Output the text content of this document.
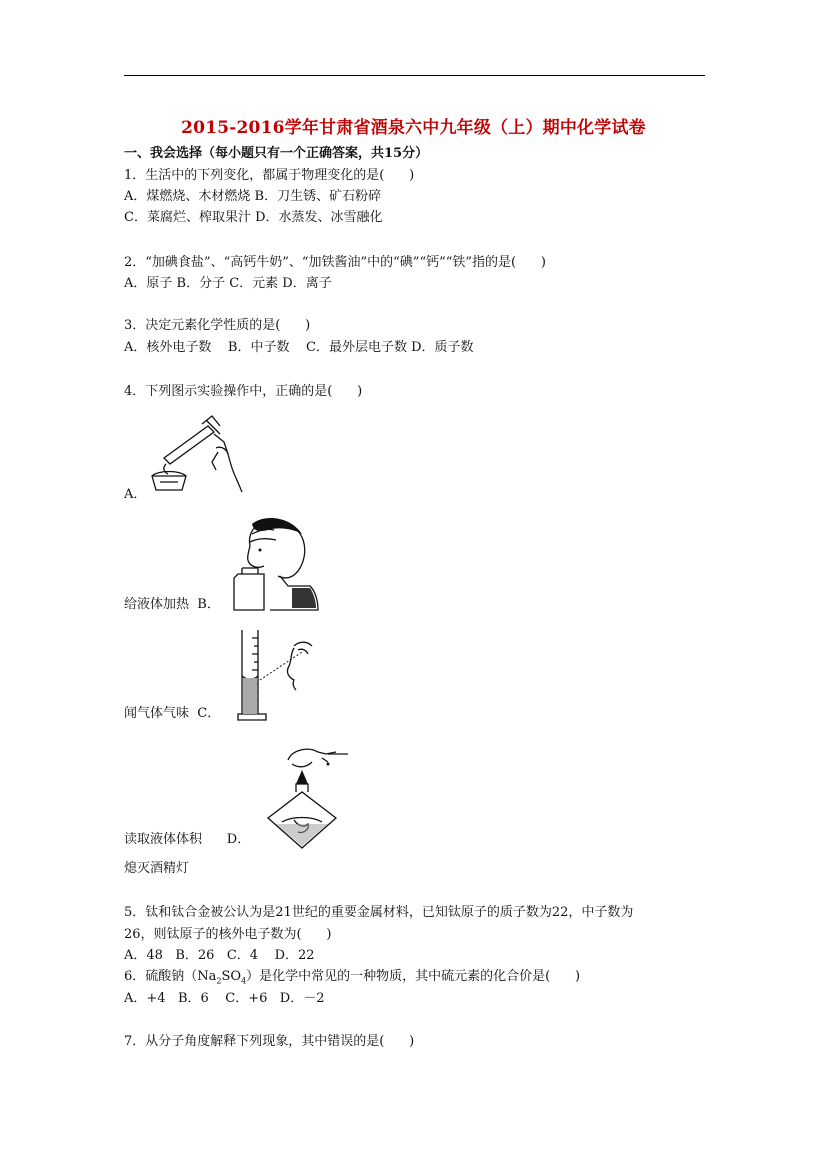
2015-2016学年甘肃省酒泉六中九年级（上）期中化学试卷
一、我会选择（每小题只有一个正确答案，共15分）
1．生活中的下列变化，都属于物理变化的是(      )
A．煤燃烧、木材燃烧 B．刀生锈、矿石粉碎
C．菜腐烂、榨取果汁 D．水蒸发、冰雪融化
2．“加碘食盐”、“高钙牛奶”、“加铁酱油”中的“碘”“钙”“铁”指的是(      )
A．原子 B．分子 C．元素 D．离子
3．决定元素化学性质的是(      )
A．核外电子数    B．中子数    C．最外层电子数 D．质子数
4．下列图示实验操作中，正确的是(      )
A．
给液体加热  B．
闻气体气味  C．
读取液体体积      D．
熄灭酒精灯
5．钛和钛合金被公认为是21世纪的重要金属材料，已知钛原子的质子数为22，中子数为
26，则钛原子的核外电子数为(      )
A．48   B．26   C．4    D．22
6．硫酸钠$(Na_2SO_4)$是化学中常见的一种物质，其中硫元素的化合价是(      )
A．+4   B．6    C．+6   D．－2
7．从分子角度解释下列现象，其中错误的是(      )
